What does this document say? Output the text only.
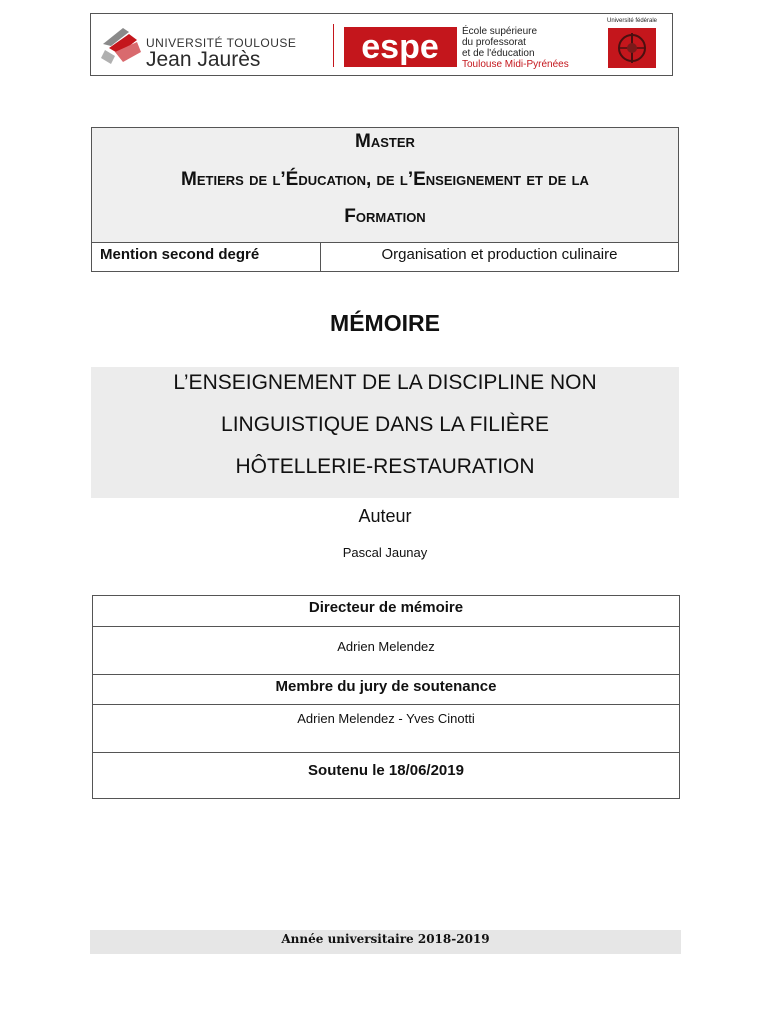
UNIVERSITÉ TOULOUSE
Jean Jaurès	espe École supérieure
du professorat
et de l'éducation
Toulouse Midi-Pyrénées
Université fédérale
Master
Metiers de l’Éducation, de l’Enseignement et de la
Formation
Mention second degré	Organisation et production culinaire
MÉMOIRE
L’ENSEIGNEMENT DE LA DISCIPLINE NON
LINGUISTIQUE DANS LA FILIÈRE
HÔTELLERIE-RESTAURATION
Auteur
Pascal Jaunay
Directeur de mémoire
Adrien Melendez
Membre du jury de soutenance
Adrien Melendez - Yves Cinotti
Soutenu le 18/06/2019
Année universitaire 2018-2019
